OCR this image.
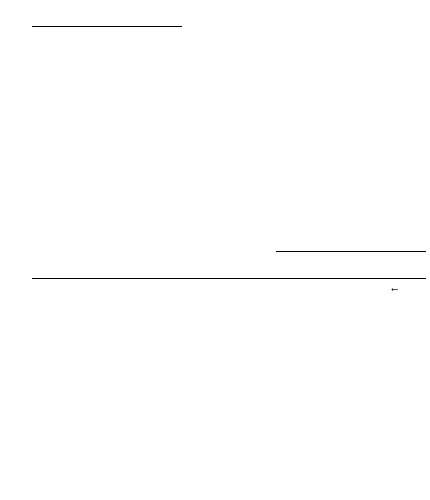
⟵
